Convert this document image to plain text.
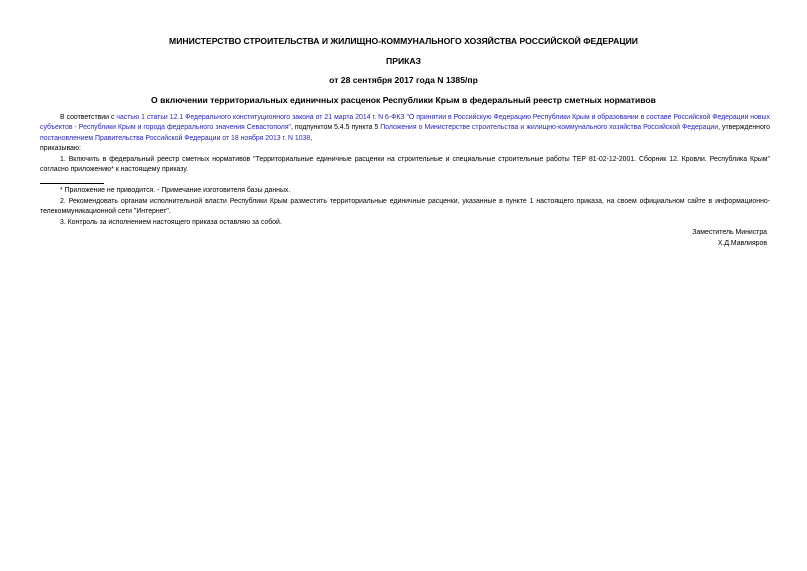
МИНИСТЕРСТВО СТРОИТЕЛЬСТВА И ЖИЛИЩНО-КОММУНАЛЬНОГО ХОЗЯЙСТВА РОССИЙСКОЙ ФЕДЕРАЦИИ
ПРИКАЗ
от 28 сентября 2017 года N 1385/пр
О включении территориальных единичных расценок Республики Крым в федеральный реестр сметных нормативов
В соответствии с частью 1 статьи 12.1 Федерального конституционного закона от 21 марта 2014 г. N 6-ФКЗ "О принятии в Российскую Федерацию Республики Крым и образовании в составе Российской Федерации новых субъектов - Республики Крым и города федерального значения Севастополя", подпунктом 5.4.5 пункта 5 Положения о Министерстве строительства и жилищно-коммунального хозяйства Российской Федерации, утвержденного постановлением Правительства Российской Федерации от 18 ноября 2013 г. N 1038,
приказываю:
1. Включить в федеральный реестр сметных нормативов "Территориальные единичные расценки на строительные и специальные строительные работы ТЕР 81-02-12-2001. Сборник 12. Кровли. Республика Крым" согласно приложению* к настоящему приказу.
* Приложение не приводится. - Примечание изготовителя базы данных.
2. Рекомендовать органам исполнительной власти Республики Крым разместить территориальные единичные расценки, указанные в пункте 1 настоящего приказа, на своем официальном сайте в информационно-телекоммуникационной сети "Интернет".
3. Контроль за исполнением настоящего приказа оставляю за собой.
Заместитель Министра
Х.Д.Мавлияров
